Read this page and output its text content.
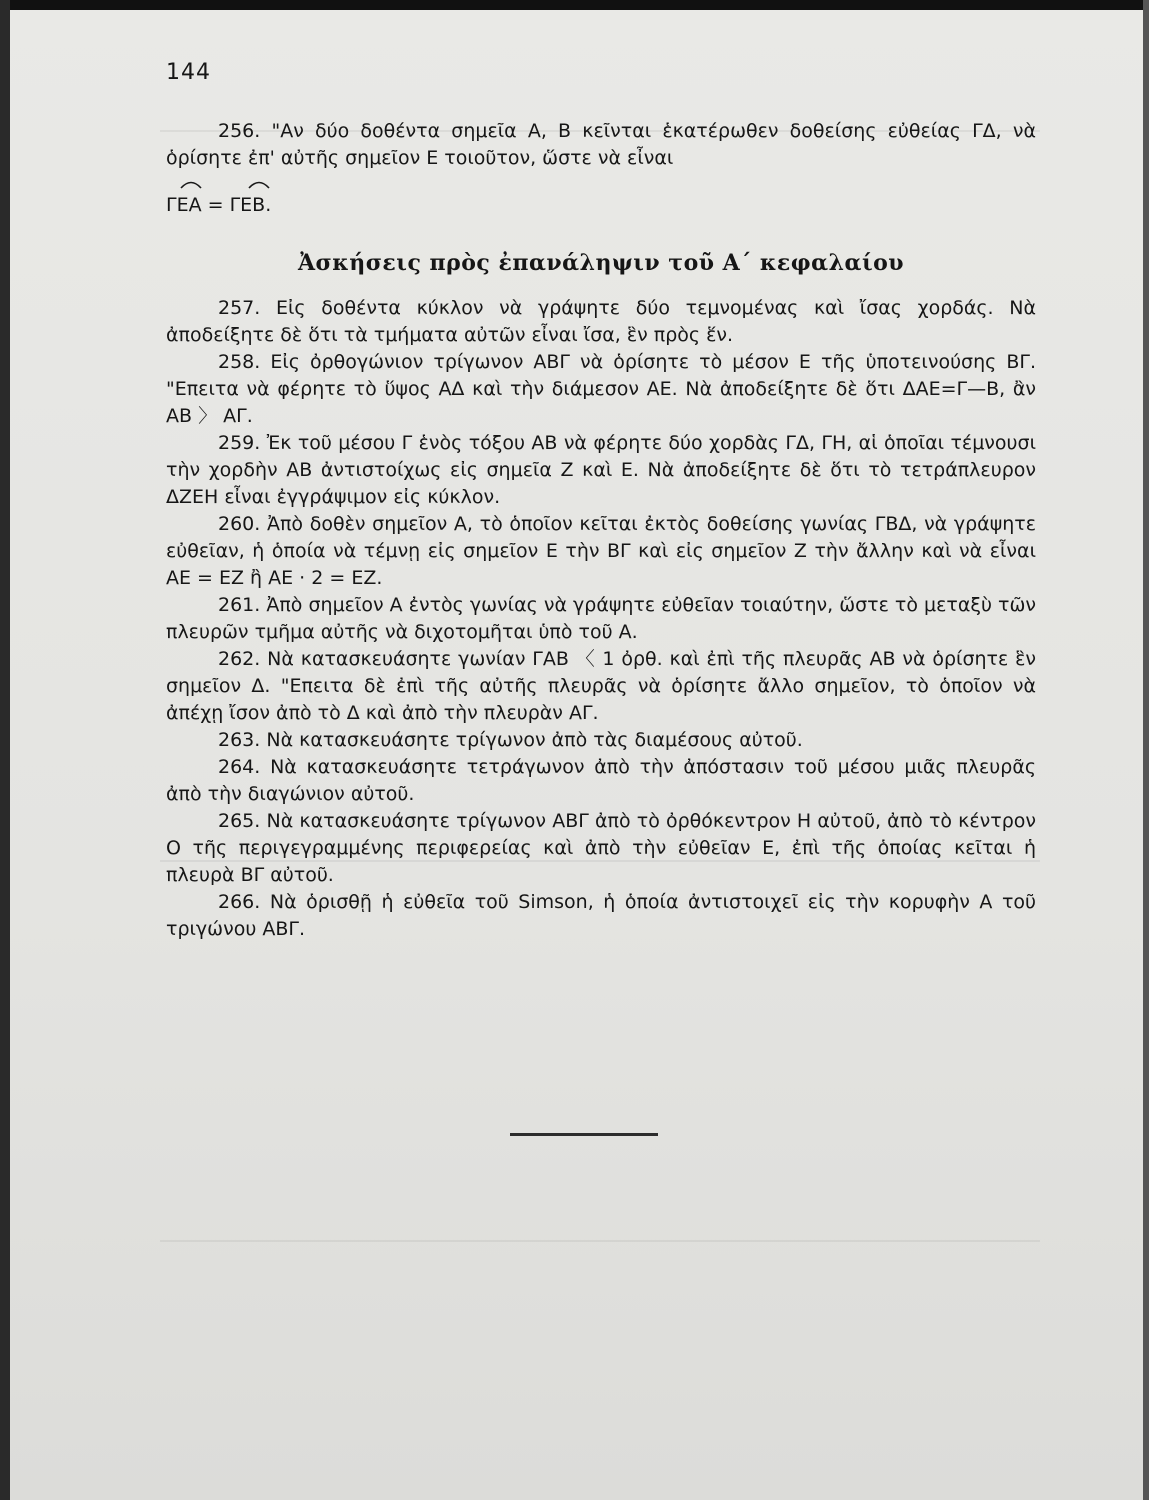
144

256. "Αν δύο δοθέντα σημεῖα Α, Β κεῖνται ἑκατέρωθεν δοθείσης εὐθείας ΓΔ, νὰ ὁρίσητε ἐπ' αὐτῆς σημεῖον Ε τοιοῦτον, ὥστε νὰ εἶναι

ΓΕΑ = ΓΕΒ.
Ἀσκήσεις πρὸς ἐπανάληψιν τοῦ Α΄ κεφαλαίου

257. Εἰς δοθέντα κύκλον νὰ γράψητε δύο τεμνομένας καὶ ἴσας χορδάς. Νὰ ἀποδείξητε δὲ ὅτι τὰ τμήματα αὐτῶν εἶναι ἴσα, ἓν πρὸς ἕν.

258. Εἰς ὀρθογώνιον τρίγωνον ΑΒΓ νὰ ὁρίσητε τὸ μέσον Ε τῆς ὑποτεινούσης ΒΓ. "Επειτα νὰ φέρητε τὸ ὕψος ΑΔ καὶ τὴν διάμεσον ΑΕ. Νὰ ἀποδείξητε δὲ ὅτι ΔΑΕ=Γ—Β, ἂν ΑΒ 〉 ΑΓ.

259. Ἐκ τοῦ μέσου Γ ἑνὸς τόξου ΑΒ νὰ φέρητε δύο χορδὰς ΓΔ, ΓΗ, αἱ ὁποῖαι τέμνουσι τὴν χορδὴν ΑΒ ἀντιστοίχως εἰς σημεῖα Ζ καὶ Ε. Νὰ ἀποδείξητε δὲ ὅτι τὸ τετράπλευρον ΔΖΕΗ εἶναι ἐγγράψιμον εἰς κύκλον.

260. Ἀπὸ δοθὲν σημεῖον Α, τὸ ὁποῖον κεῖται ἐκτὸς δοθείσης γωνίας ΓΒΔ, νὰ γράψητε εὐθεῖαν, ἡ ὁποία νὰ τέμνῃ εἰς σημεῖον Ε τὴν ΒΓ καὶ εἰς σημεῖον Ζ τὴν ἄλλην καὶ νὰ εἶναι ΑΕ = ΕΖ ἢ ΑΕ · 2 = ΕΖ.

261. Ἀπὸ σημεῖον Α ἐντὸς γωνίας νὰ γράψητε εὐθεῖαν τοιαύτην, ὥστε τὸ μεταξὺ τῶν πλευρῶν τμῆμα αὐτῆς νὰ διχοτομῆται ὑπὸ τοῦ Α.

262. Νὰ κατασκευάσητε γωνίαν ΓΑΒ 〈 1 ὀρθ. καὶ ἐπὶ τῆς πλευρᾶς ΑΒ νὰ ὁρίσητε ἓν σημεῖον Δ. "Επειτα δὲ ἐπὶ τῆς αὐτῆς πλευρᾶς νὰ ὁρίσητε ἄλλο σημεῖον, τὸ ὁποῖον νὰ ἀπέχῃ ἴσον ἀπὸ τὸ Δ καὶ ἀπὸ τὴν πλευρὰν ΑΓ.

263. Νὰ κατασκευάσητε τρίγωνον ἀπὸ τὰς διαμέσους αὐτοῦ.

264. Νὰ κατασκευάσητε τετράγωνον ἀπὸ τὴν ἀπόστασιν τοῦ μέσου μιᾶς πλευρᾶς ἀπὸ τὴν διαγώνιον αὐτοῦ.

265. Νὰ κατασκευάσητε τρίγωνον ΑΒΓ ἀπὸ τὸ ὀρθόκεντρον Η αὐτοῦ, ἀπὸ τὸ κέντρον Ο τῆς περιγεγραμμένης περιφερείας καὶ ἀπὸ τὴν εὐθεῖαν Ε, ἐπὶ τῆς ὁποίας κεῖται ἡ πλευρὰ ΒΓ αὐτοῦ.

266. Νὰ ὁρισθῇ ἡ εὐθεῖα τοῦ Simson, ἡ ὁποία ἀντιστοιχεῖ εἰς τὴν κορυφὴν Α τοῦ τριγώνου ΑΒΓ.
